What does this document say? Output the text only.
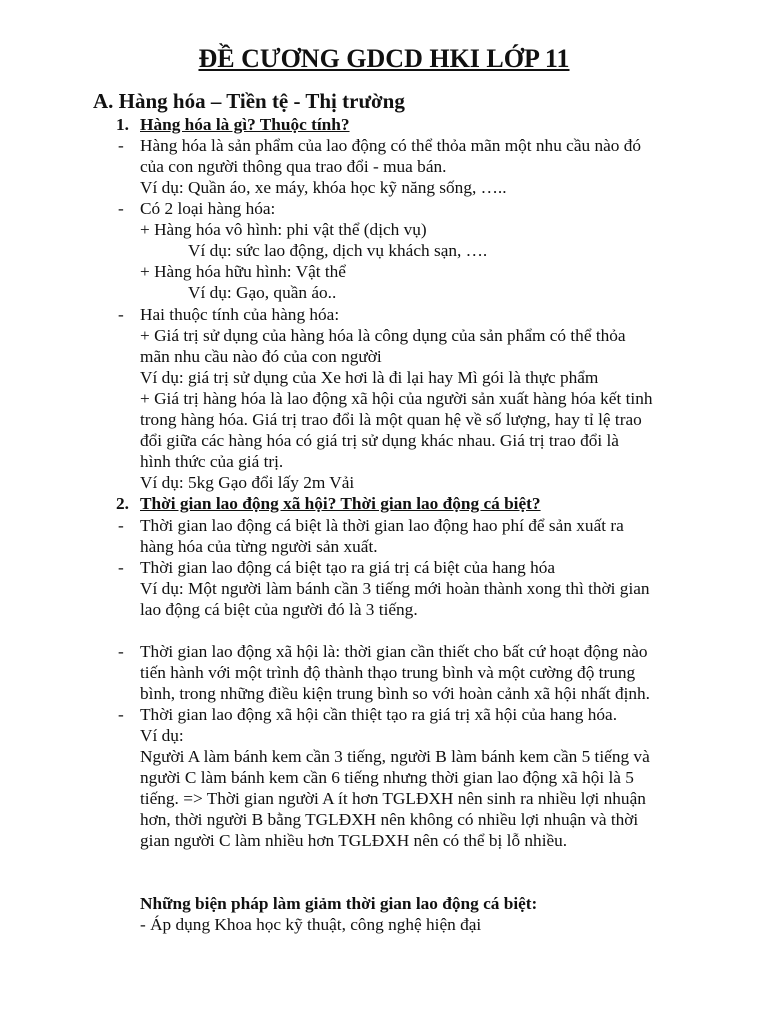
ĐỀ CƯƠNG GDCD HKI LỚP 11
A. Hàng hóa – Tiền tệ - Thị trường
1. Hàng hóa là gì? Thuộc tính?
- Hàng hóa là sản phẩm của lao động có thể thỏa mãn một nhu cầu nào đó
của con người thông qua trao đổi - mua bán.
Ví dụ: Quần áo, xe máy, khóa học kỹ năng sống, …..
- Có 2 loại hàng hóa:
+ Hàng hóa vô hình: phi vật thể (dịch vụ)
Ví dụ: sức lao động, dịch vụ khách sạn, ….
+ Hàng hóa hữu hình: Vật thể
Ví dụ: Gạo, quần áo..
- Hai thuộc tính của hàng hóa:
+ Giá trị sử dụng của hàng hóa là công dụng của sản phẩm có thể thỏa
mãn nhu cầu nào đó của con người
Ví dụ: giá trị sử dụng của Xe hơi là đi lại hay Mì gói là thực phẩm
+ Giá trị hàng hóa là lao động xã hội của người sản xuất hàng hóa kết tinh
trong hàng hóa. Giá trị trao đổi là một quan hệ về số lượng, hay tỉ lệ trao
đổi giữa các hàng hóa có giá trị sử dụng khác nhau. Giá trị trao đổi là
hình thức của giá trị.
Ví dụ: 5kg Gạo đổi lấy 2m Vải
2. Thời gian lao động xã hội? Thời gian lao động cá biệt?
- Thời gian lao động cá biệt là thời gian lao động hao phí để sản xuất ra
hàng hóa của từng người sản xuất.
- Thời gian lao động cá biệt tạo ra giá trị cá biệt của hang hóa
Ví dụ: Một người làm bánh cần 3 tiếng mới hoàn thành xong thì thời gian
lao động cá biệt của người đó là 3 tiếng.
- Thời gian lao động xã hội là: thời gian cần thiết cho bất cứ hoạt động nào
tiến hành với một trình độ thành thạo trung bình và một cường độ trung
bình, trong những điều kiện trung bình so với hoàn cảnh xã hội nhất định.
- Thời gian lao động xã hội cần thiệt tạo ra giá trị xã hội của hang hóa.
Ví dụ:
Người A làm bánh kem cần 3 tiếng, người B làm bánh kem cần 5 tiếng và
người C làm bánh kem cần 6 tiếng nhưng thời gian lao động xã hội là 5
tiếng. => Thời gian người A ít hơn TGLĐXH nên sinh ra nhiều lợi nhuận
hơn, thời người B bằng TGLĐXH nên không có nhiều lợi nhuận và thời
gian người C làm nhiều hơn TGLĐXH nên có thể bị lỗ nhiều.
Những biện pháp làm giảm thời gian lao động cá biệt:
- Áp dụng Khoa học kỹ thuật, công nghệ hiện đại
